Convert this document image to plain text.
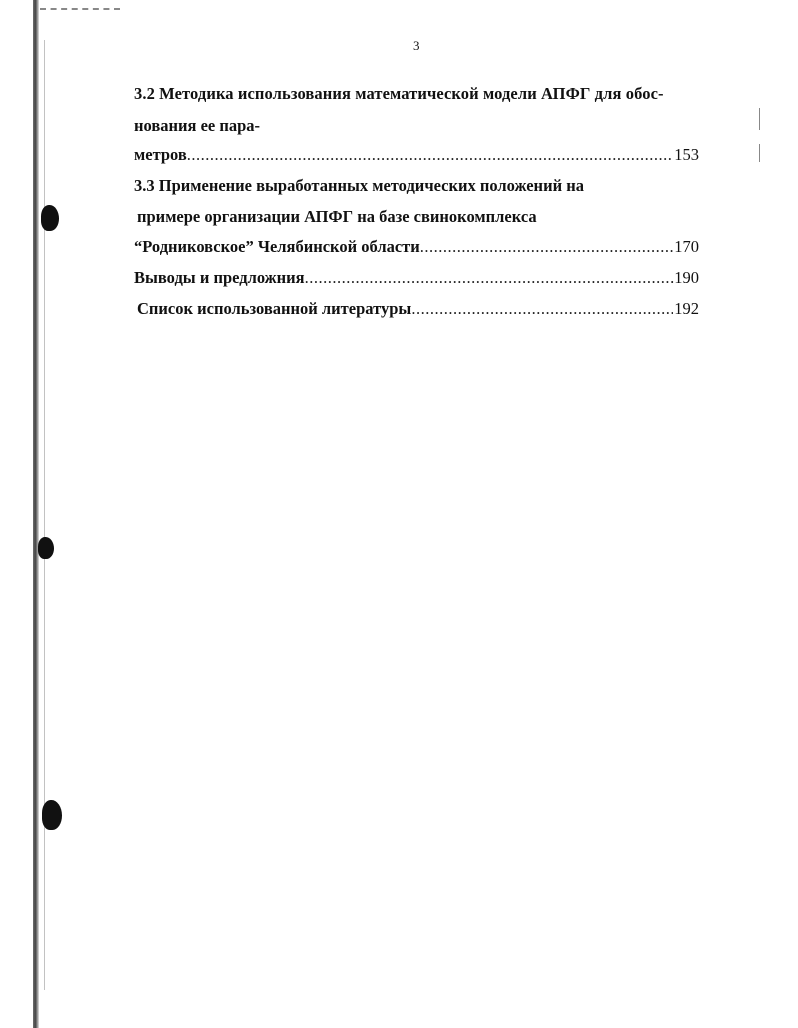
3
3.2 Методика использования математической модели АПФГ для обос-
нования ее пара-
метров .....	153
3.3 Применение выработанных методических положений на
примере организации АПФГ на базе свинокомплекса
“Родниковское” Челябинской области .....	170
Выводы и предложния .....	.190
Список использованной литературы .....	192
